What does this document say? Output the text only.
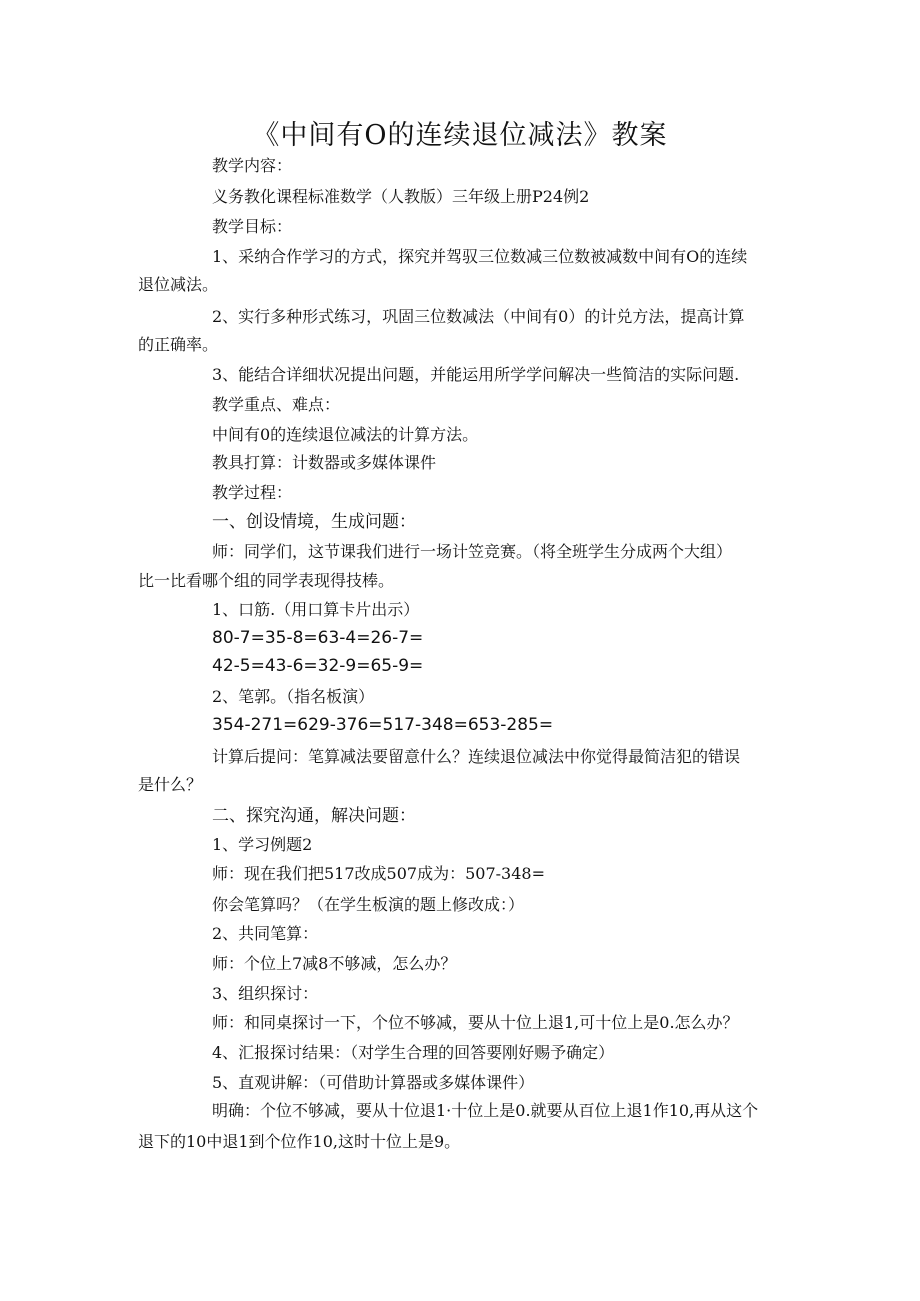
《中间有O的连续退位减法》教案
教学内容：
义务教化课程标准数学（人教版）三年级上册P24例2
教学目标：
1、采纳合作学习的方式，探究并驾驭三位数减三位数被减数中间有O的连续
退位减法。
2、实行多种形式练习，巩固三位数减法（中间有0）的计兑方法，提高计算
的正确率。
3、能结合详细状况提出问题，并能运用所学学问解决一些简洁的实际问题.
教学重点、难点：
中间有0的连续退位减法的计算方法。
教具打算：计数器或多媒体课件
教学过程：
一、创设情境，生成问题：
师：同学们，这节课我们进行一场计笠竞赛。（将全班学生分成两个大组）
比一比看哪个组的同学表现得技棒。
1、口筋.（用口算卡片出示）
80-7=35-8=63-4=26-7=
42-5=43-6=32-9=65-9=
2、笔郭。（指名板演）
354-271=629-376=517-348=653-285=
计算后提问：笔算减法要留意什么？连续退位减法中你觉得最简洁犯的错误
是什么？
二、探究沟通，解决问题：
1、学习例题2
师：现在我们把517改成507成为：507-348=
你会笔算吗？（在学生板演的题上修改成：）
2、共同笔算：
师：个位上7减8不够减，怎么办？
3、组织探讨：
师：和同桌探讨一下，个位不够减，要从十位上退1,可十位上是0.怎么办？
4、汇报探讨结果：（对学生合理的回答要刚好赐予确定）
5、直观讲解：（可借助计算器或多媒体课件）
明确：个位不够减，要从十位退1·十位上是0.就要从百位上退1作10,再从这个
退下的10中退1到个位作10,这时十位上是9。
